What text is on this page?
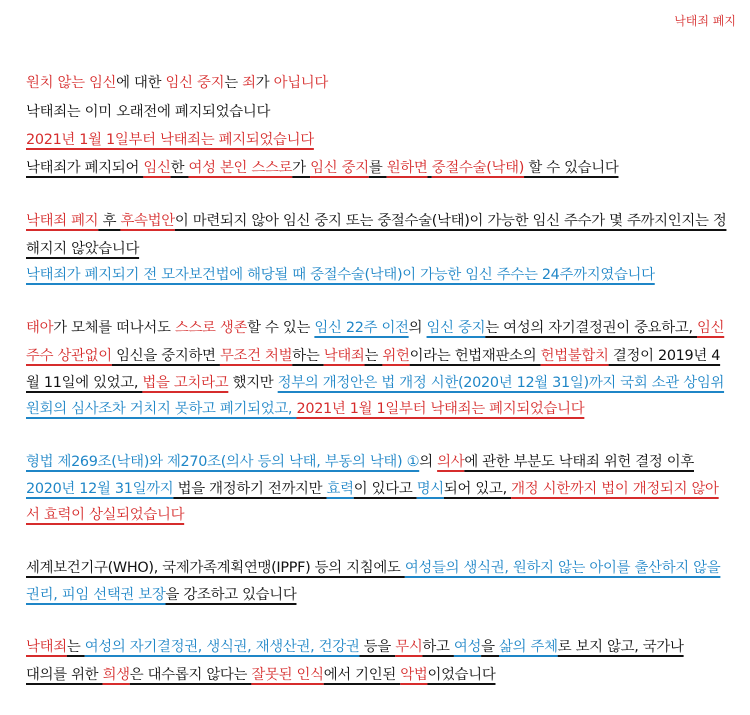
낙태죄 폐지
원치 않는 임신에 대한 임신 중지는 죄가 아닙니다
낙태죄는 이미 오래전에 폐지되었습니다
2021년 1월 1일부터 낙태죄는 폐지되었습니다
낙태죄가 폐지되어 임신한 여성 본인 스스로가 임신 중지를 원하면 중절수술(낙태) 할 수 있습니다
낙태죄 폐지 후 후속법안이 마련되지 않아 임신 중지 또는 중절수술(낙태)이 가능한 임신 주수가 몇 주까지인지는 정
해지지 않았습니다
낙태죄가 폐지되기 전 모자보건법에 해당될 때 중절수술(낙태)이 가능한 임신 주수는 24주까지였습니다
태아가 모체를 떠나서도 스스로 생존할 수 있는 임신 22주 이전의 임신 중지는 여성의 자기결정권이 중요하고, 임신
주수 상관없이 임신을 중지하면 무조건 처벌하는 낙태죄는 위헌이라는 헌법재판소의 헌법불합치 결정이 2019년 4
월 11일에 있었고, 법을 고치라고 했지만 정부의 개정안은 법 개정 시한(2020년 12월 31일)까지 국회 소관 상임위
원회의 심사조차 거치지 못하고 폐기되었고, 2021년 1월 1일부터 낙태죄는 폐지되었습니다
형법 제269조(낙태)와 제270조(의사 등의 낙태, 부동의 낙태) ①의 의사에 관한 부분도 낙태죄 위헌 결정 이후
2020년 12월 31일까지 법을 개정하기 전까지만 효력이 있다고 명시되어 있고, 개정 시한까지 법이 개정되지 않아
서 효력이 상실되었습니다
세계보건기구(WHO), 국제가족계획연맹(IPPF) 등의 지침에도 여성들의 생식권, 원하지 않는 아이를 출산하지 않을
권리, 피임 선택권 보장을 강조하고 있습니다
낙태죄는 여성의 자기결정권, 생식권, 재생산권, 건강권 등을 무시하고 여성을 삶의 주체로 보지 않고, 국가나
대의를 위한 희생은 대수롭지 않다는 잘못된 인식에서 기인된 악법이었습니다
